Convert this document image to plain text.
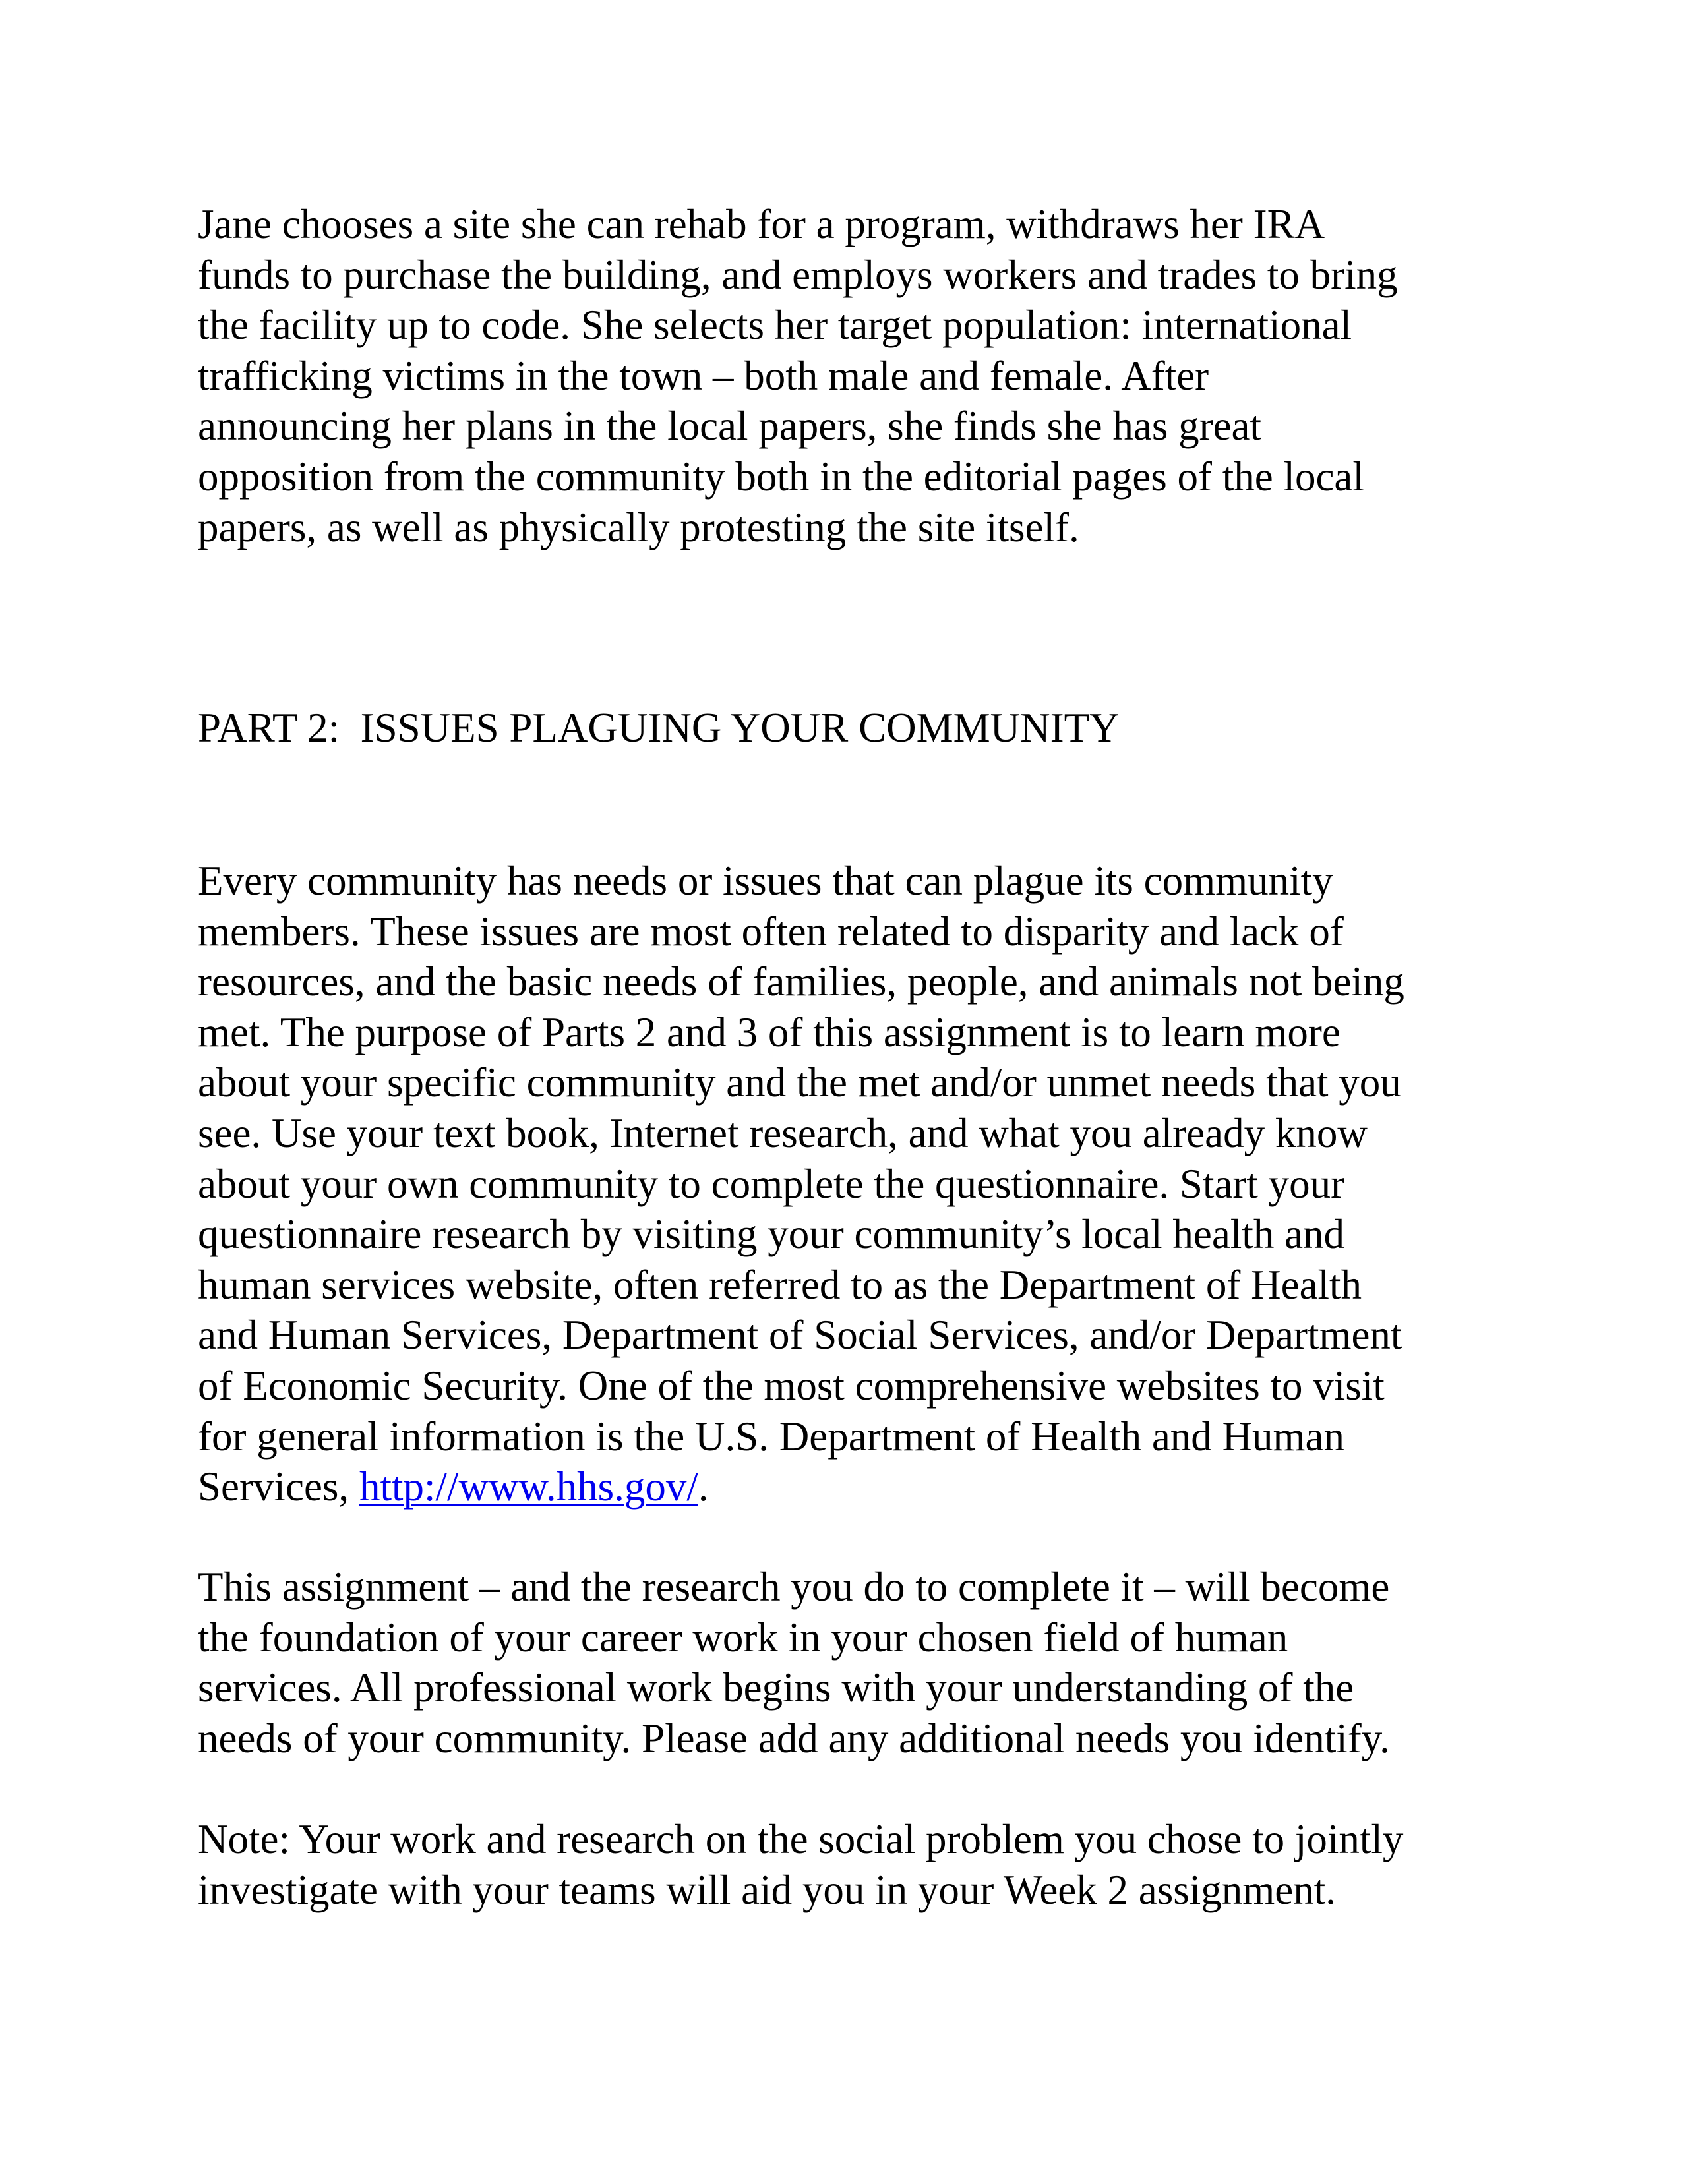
Jane chooses a site she can rehab for a program, withdraws her IRA
funds to purchase the building, and employs workers and trades to bring
the facility up to code. She selects her target population: international
trafficking victims in the town – both male and female. After
announcing her plans in the local papers, she finds she has great
opposition from the community both in the editorial pages of the local
papers, as well as physically protesting the site itself.

PART 2:  ISSUES PLAGUING YOUR COMMUNITY

Every community has needs or issues that can plague its community
members. These issues are most often related to disparity and lack of
resources, and the basic needs of families, people, and animals not being
met. The purpose of Parts 2 and 3 of this assignment is to learn more
about your specific community and the met and/or unmet needs that you
see. Use your text book, Internet research, and what you already know
about your own community to complete the questionnaire. Start your
questionnaire research by visiting your community’s local health and
human services website, often referred to as the Department of Health
and Human Services, Department of Social Services, and/or Department
of Economic Security. One of the most comprehensive websites to visit
for general information is the U.S. Department of Health and Human
Services, http://www.hhs.gov/.

This assignment – and the research you do to complete it – will become
the foundation of your career work in your chosen field of human
services. All professional work begins with your understanding of the
needs of your community. Please add any additional needs you identify.

Note: Your work and research on the social problem you chose to jointly
investigate with your teams will aid you in your Week 2 assignment.
